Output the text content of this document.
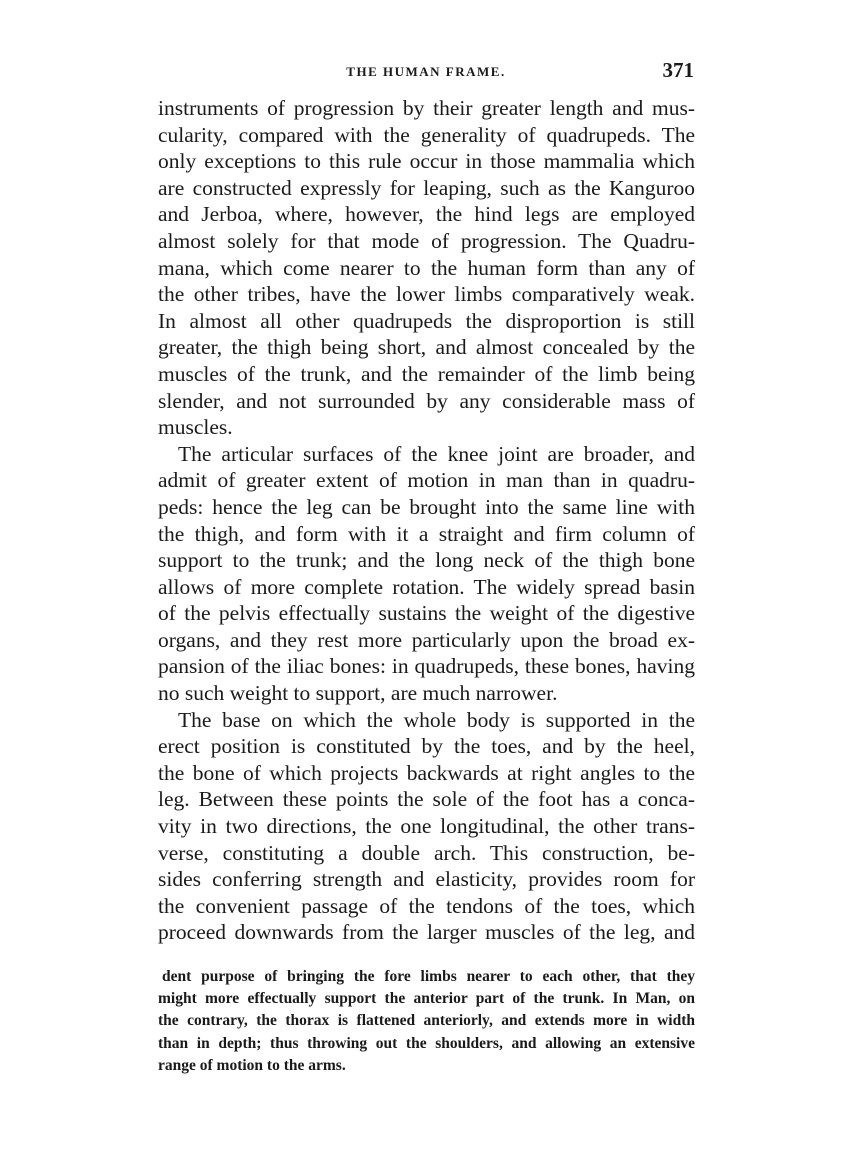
THE HUMAN FRAME.	371
instruments of progression by their greater length and mus-
cularity, compared with the generality of quadrupeds. The
only exceptions to this rule occur in those mammalia which
are constructed expressly for leaping, such as the Kanguroo
and Jerboa, where, however, the hind legs are employed
almost solely for that mode of progression. The Quadru-
mana, which come nearer to the human form than any of
the other tribes, have the lower limbs comparatively weak.
In almost all other quadrupeds the disproportion is still
greater, the thigh being short, and almost concealed by the
muscles of the trunk, and the remainder of the limb being
slender, and not surrounded by any considerable mass of
muscles.
The articular surfaces of the knee joint are broader, and
admit of greater extent of motion in man than in quadru-
peds: hence the leg can be brought into the same line with
the thigh, and form with it a straight and firm column of
support to the trunk; and the long neck of the thigh bone
allows of more complete rotation. The widely spread basin
of the pelvis effectually sustains the weight of the digestive
organs, and they rest more particularly upon the broad ex-
pansion of the iliac bones: in quadrupeds, these bones, having
no such weight to support, are much narrower.
The base on which the whole body is supported in the
erect position is constituted by the toes, and by the heel,
the bone of which projects backwards at right angles to the
leg. Between these points the sole of the foot has a conca-
vity in two directions, the one longitudinal, the other trans-
verse, constituting a double arch. This construction, be-
sides conferring strength and elasticity, provides room for
the convenient passage of the tendons of the toes, which
proceed downwards from the larger muscles of the leg, and
dent purpose of bringing the fore limbs nearer to each other, that they
might more effectually support the anterior part of the trunk. In Man, on
the contrary, the thorax is flattened anteriorly, and extends more in width
than in depth; thus throwing out the shoulders, and allowing an extensive
range of motion to the arms.
